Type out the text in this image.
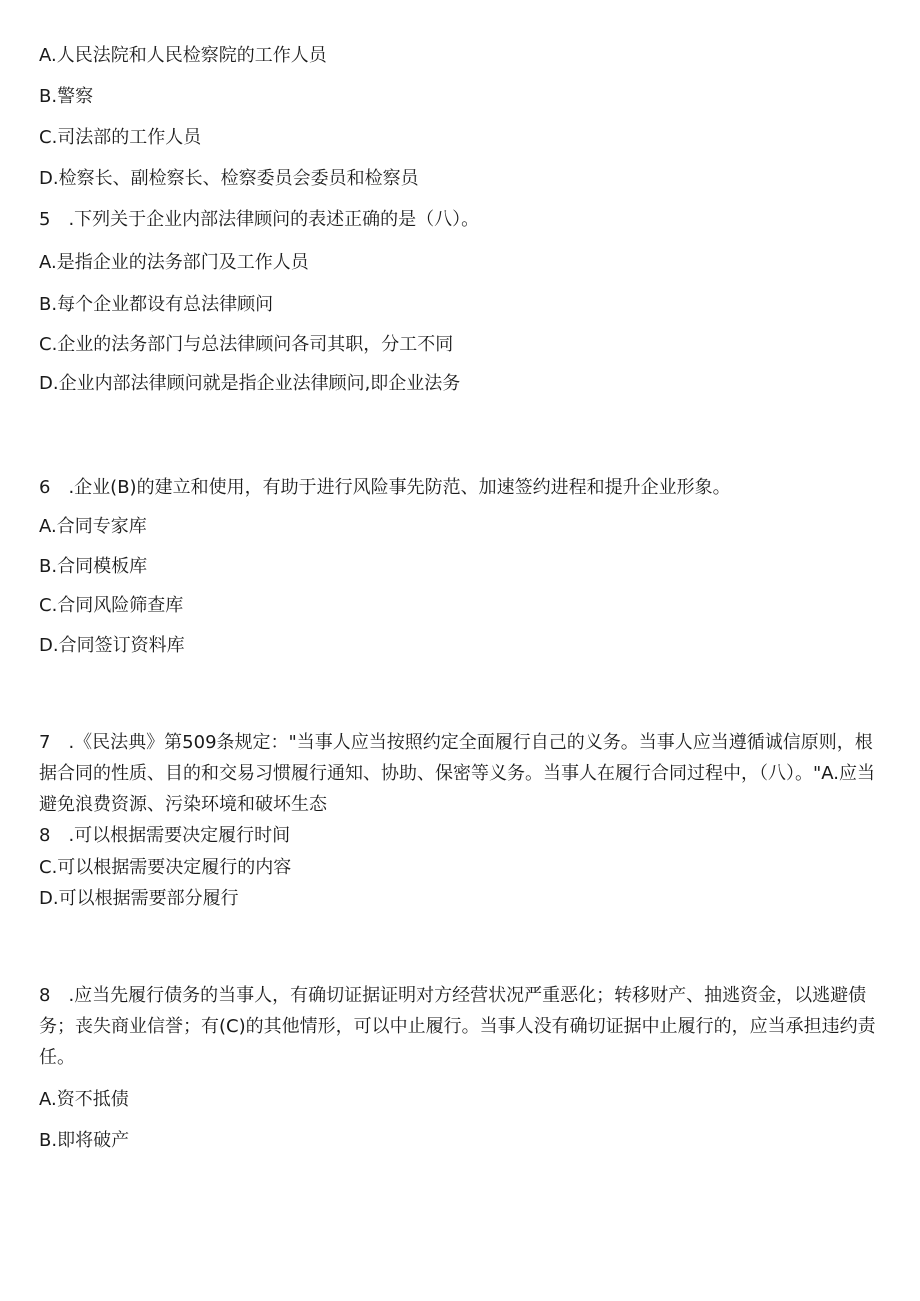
A.人民法院和人民检察院的工作人员
B.警察
C.司法部的工作人员
D.检察长、副检察长、检察委员会委员和检察员
5　.下列关于企业内部法律顾问的表述正确的是（八）。
A.是指企业的法务部门及工作人员
B.每个企业都设有总法律顾问
C.企业的法务部门与总法律顾问各司其职，分工不同
D.企业内部法律顾问就是指企业法律顾问,即企业法务
6　.企业(B)的建立和使用，有助于进行风险事先防范、加速签约进程和提升企业形象。
A.合同专家库
B.合同模板库
C.合同风险筛查库
D.合同签订资料库
7　.《民法典》第509条规定："当事人应当按照约定全面履行自己的义务。当事人应当遵循诚信原则，根据合同的性质、目的和交易习惯履行通知、协助、保密等义务。当事人在履行合同过程中，（八）。"A.应当避免浪费资源、污染环境和破坏生态
8　.可以根据需要决定履行时间
C.可以根据需要决定履行的内容
D.可以根据需要部分履行
8　.应当先履行债务的当事人，有确切证据证明对方经营状况严重恶化；转移财产、抽逃资金，以逃避债务；丧失商业信誉；有(C)的其他情形，可以中止履行。当事人没有确切证据中止履行的，应当承担违约责任。
A.资不抵债
B.即将破产
